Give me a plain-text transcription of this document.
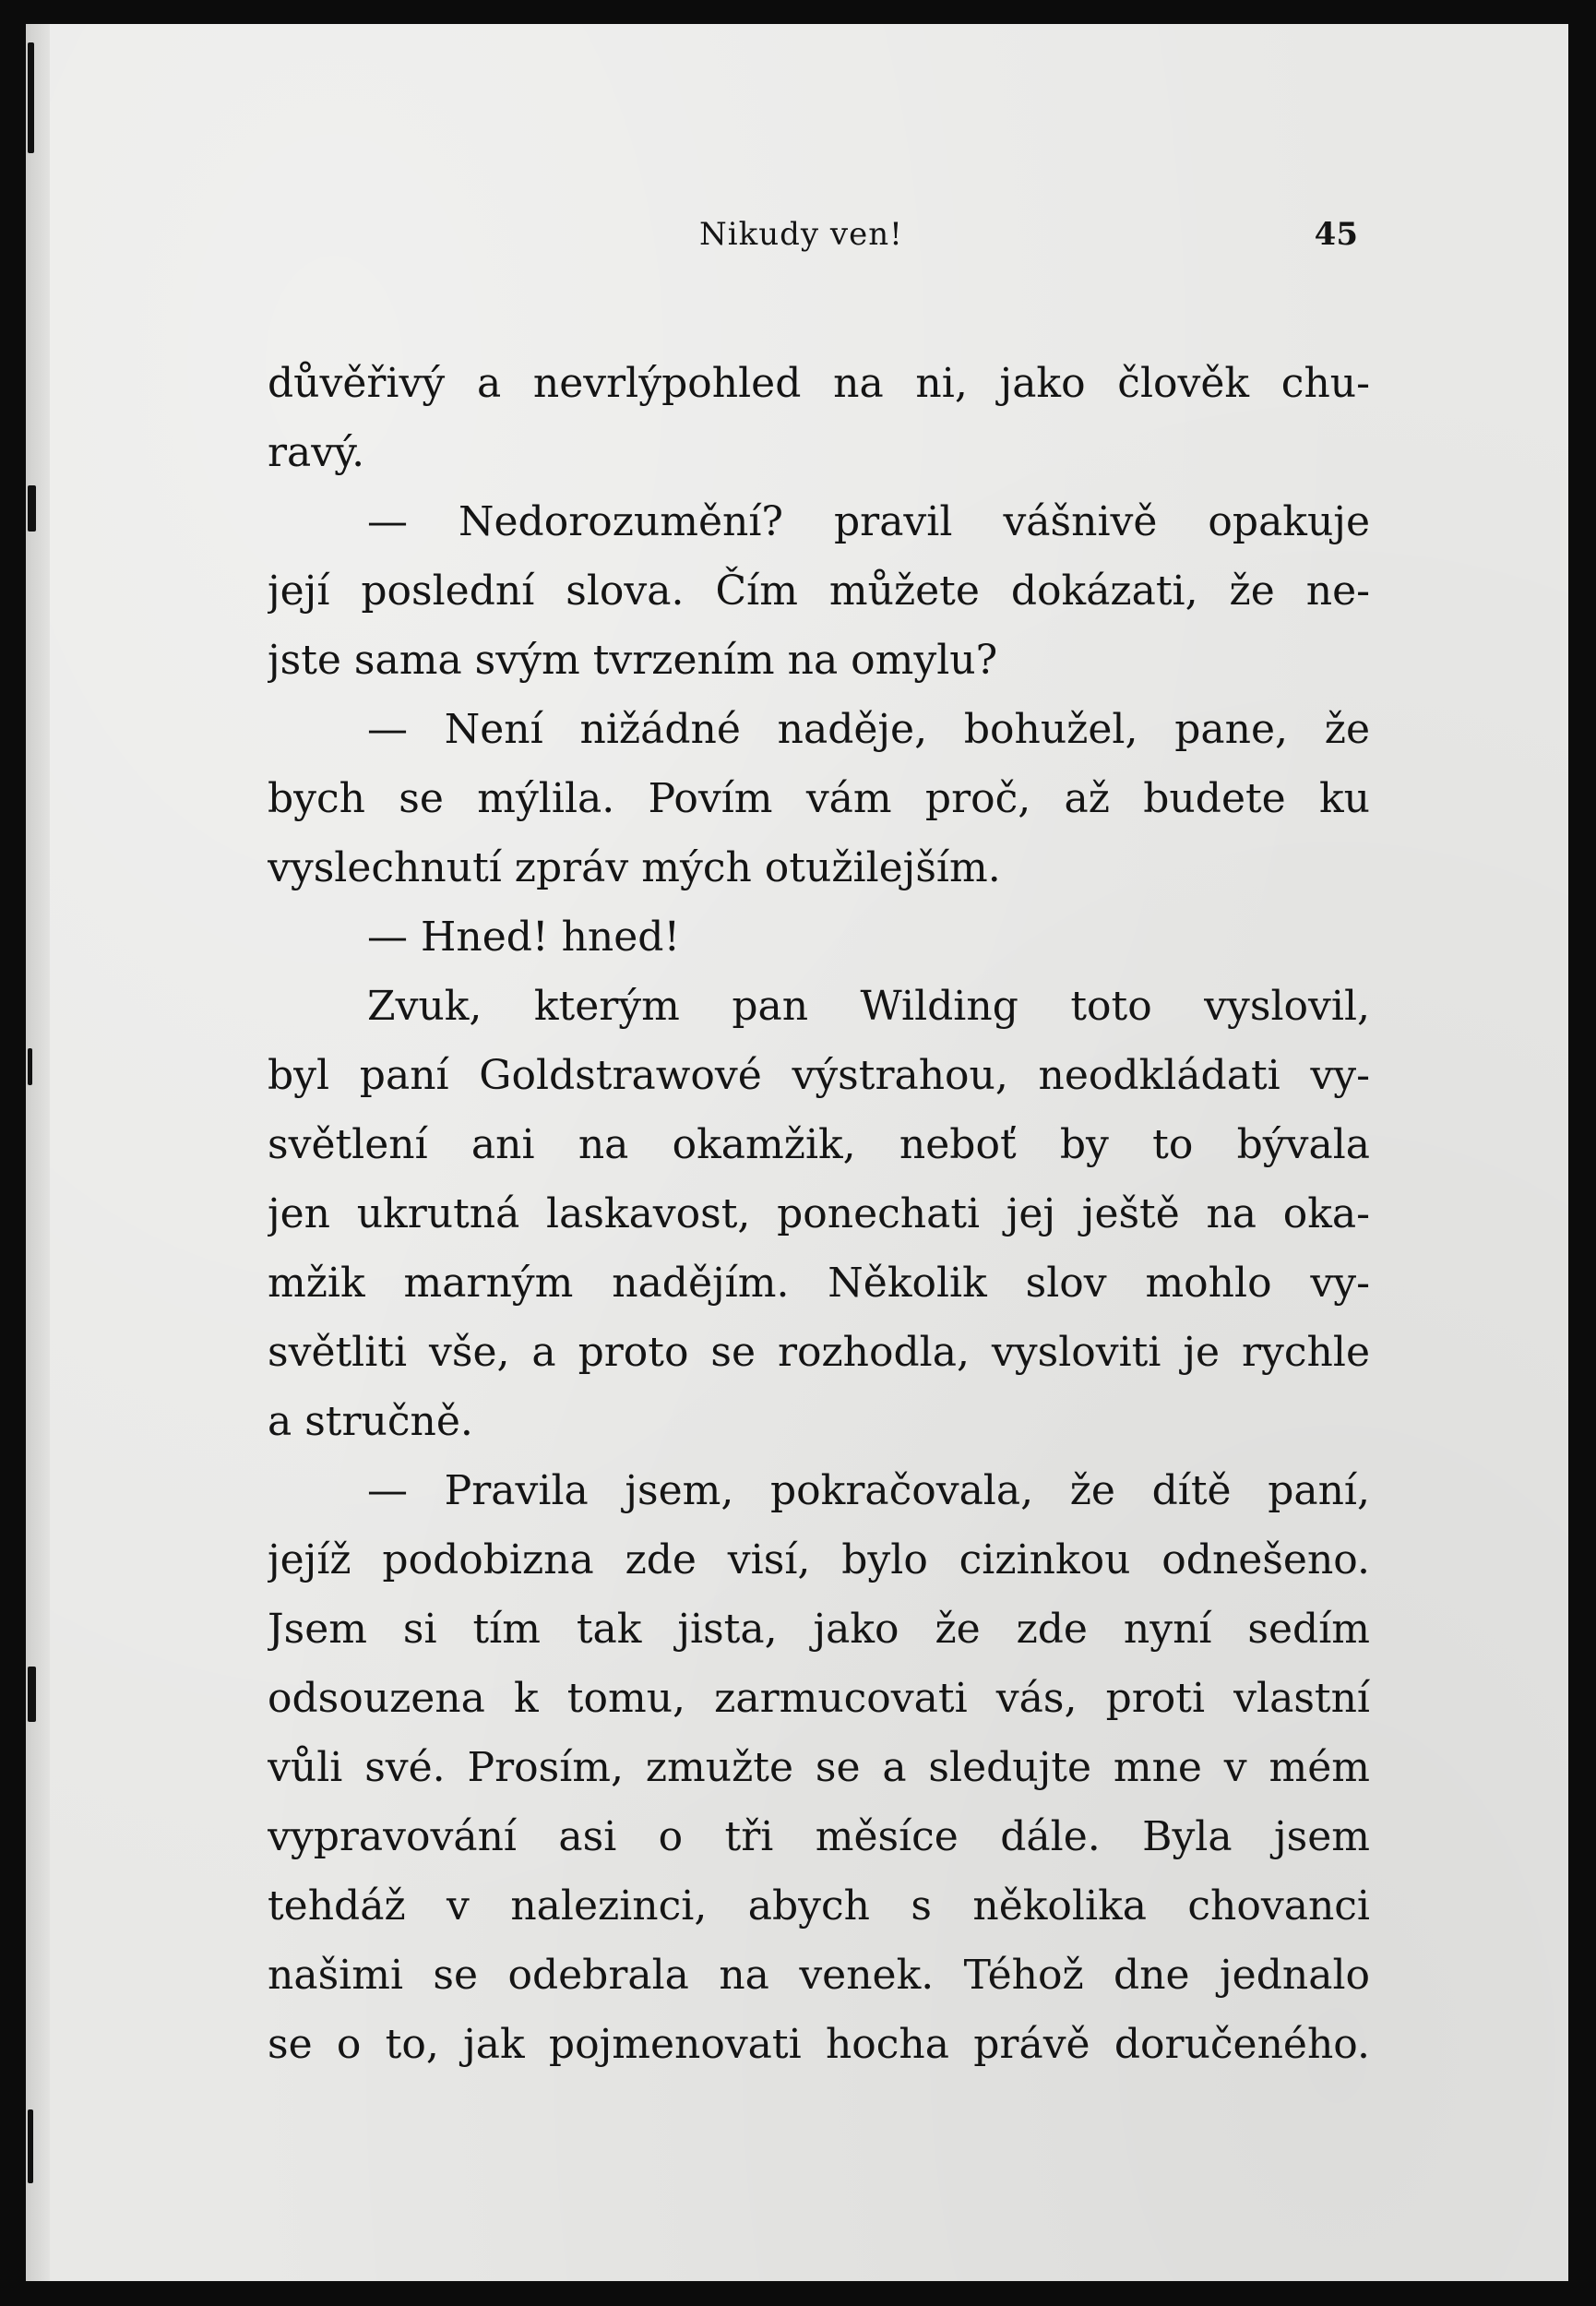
Nikudy ven!	45
důvěřivý a nevrlýpohled na ni, jako člověk chu-
ravý.
— Nedorozumění? pravil vášnivě opakuje
její poslední slova. Čím můžete dokázati, že ne-
jste sama svým tvrzením na omylu?
— Není nižádné naděje, bohužel, pane, že
bych se mýlila. Povím vám proč, až budete ku
vyslechnutí zpráv mých otužilejším.
— Hned! hned!
Zvuk, kterým pan Wilding toto vyslovil,
byl paní Goldstrawové výstrahou, neodkládati vy-
světlení ani na okamžik, neboť by to bývala
jen ukrutná laskavost, ponechati jej ještě na oka-
mžik marným nadějím. Několik slov mohlo vy-
světliti vše, a proto se rozhodla, vysloviti je rychle
a stručně.
— Pravila jsem, pokračovala, že dítě paní,
jejíž podobizna zde visí, bylo cizinkou odnešeno.
Jsem si tím tak jista, jako že zde nyní sedím
odsouzena k tomu, zarmucovati vás, proti vlastní
vůli své. Prosím, zmužte se a sledujte mne v mém
vypravování asi o tři měsíce dále. Byla jsem
tehdáž v nalezinci, abych s několika chovanci
našimi se odebrala na venek. Téhož dne jednalo
se o to, jak pojmenovati hocha právě doručeného.
